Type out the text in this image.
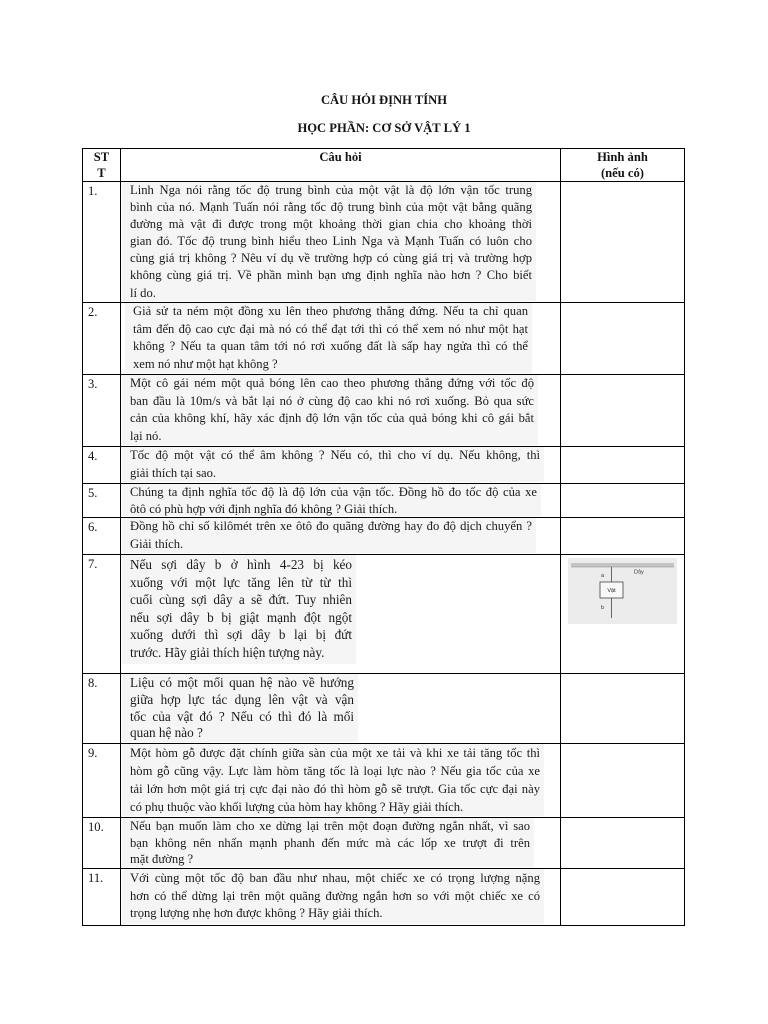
CÂU HỎI ĐỊNH TÍNH
HỌC PHẦN: CƠ SỞ VẬT LÝ 1
ST
T
Câu hỏi	Hình ảnh
(nếu có)
Dây
a
Vật
b
1.	Linh Nga nói rằng tốc độ trung bình của một vật là độ lớn vận tốc trung
bình của nó. Mạnh Tuấn nói rằng tốc độ trung bình của một vật bằng quãng
đường mà vật đi được trong một khoảng thời gian chia cho khoảng thời
gian đó. Tốc độ trung bình hiểu theo Linh Nga và Mạnh Tuấn có luôn cho
cùng giá trị không ? Nêu ví dụ về trường hợp có cùng giá trị và trường hợp
không cùng giá trị. Về phần mình bạn ưng định nghĩa nào hơn ? Cho biết
lí do.
2.	Giả sử ta ném một đồng xu lên theo phương thẳng đứng. Nếu ta chỉ quan
tâm đến độ cao cực đại mà nó có thể đạt tới thì có thể xem nó như một hạt
không ? Nếu ta quan tâm tới nó rơi xuống đất là sấp hay ngửa thì có thể
xem nó như một hạt không ?
3.	Một cô gái ném một quả bóng lên cao theo phương thẳng đứng với tốc độ
ban đầu là 10m/s và bắt lại nó ở cùng độ cao khi nó rơi xuống. Bỏ qua sức
cản của không khí, hãy xác định độ lớn vận tốc của quả bóng khi cô gái bắt
lại nó.
4.	Tốc độ một vật có thể âm không ? Nếu có, thì cho ví dụ. Nếu không, thì
giải thích tại sao.
5.	Chúng ta định nghĩa tốc độ là độ lớn của vận tốc. Đồng hồ đo tốc độ của xe
ôtô có phù hợp với định nghĩa đó không ? Giải thích.
6.	Đồng hồ chỉ số kilômét trên xe ôtô đo quãng đường hay đo độ dịch chuyển ?
Giải thích.
7. Nếu sợi dây b ở hình 4-23 bị kéo
xuống với một lực tăng lên từ từ thì
cuối cùng sợi dây a sẽ đứt. Tuy nhiên
nếu sợi dây b bị giật mạnh đột ngột
xuống dưới thì sợi dây b lại bị đứt
trước. Hãy giải thích hiện tượng này.
8. Liệu có một mối quan hệ nào về hướng
giữa hợp lực tác dụng lên vật và vận
tốc của vật đó ? Nếu có thì đó là mối
quan hệ nào ?
9.	Một hòm gỗ được đặt chính giữa sàn của một xe tải và khi xe tải tăng tốc thì
hòm gỗ cũng vậy. Lực làm hòm tăng tốc là loại lực nào ? Nếu gia tốc của xe
tải lớn hơn một giá trị cực đại nào đó thì hòm gỗ sẽ trượt. Gia tốc cực đại này
có phụ thuộc vào khối lượng của hòm hay không ? Hãy giải thích.
10. Nếu bạn muốn làm cho xe dừng lại trên một đoạn đường ngắn nhất, vì sao
bạn không nên nhấn mạnh phanh đến mức mà các lốp xe trượt đi trên
mặt đường ?
11. Với cùng một tốc độ ban đầu như nhau, một chiếc xe có trọng lượng nặng
hơn có thể dừng lại trên một quãng đường ngắn hơn so với một chiếc xe có
trọng lượng nhẹ hơn được không ? Hãy giải thích.
